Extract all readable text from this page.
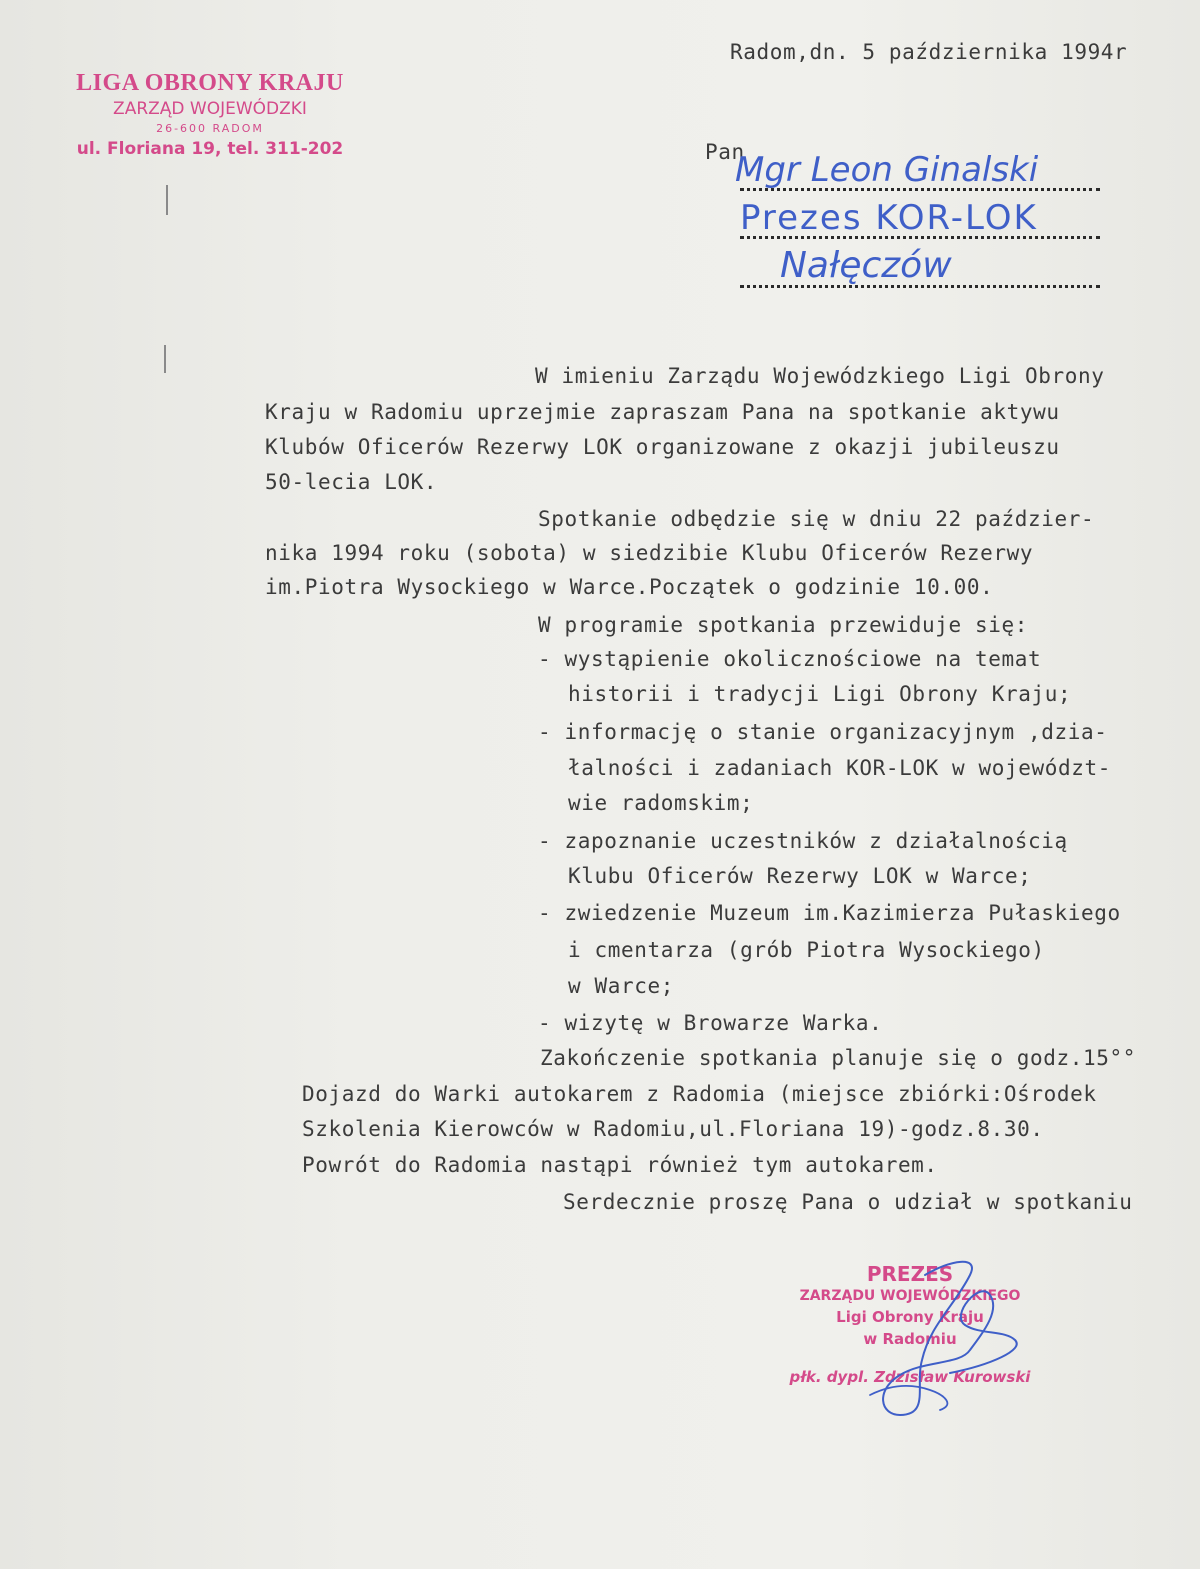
LIGA OBRONY KRAJU
ZARZĄD WOJEWÓDZKI
26-600 RADOM
ul. Floriana 19, tel. 311-202
Radom,dn. 5 października 1994r
Pan
Mgr Leon Ginalski
Prezes KOR-LOK
Nałęczów
W imieniu Zarządu Wojewódzkiego Ligi Obrony
Kraju w Radomiu uprzejmie zapraszam Pana na spotkanie aktywu
Klubów Oficerów Rezerwy LOK organizowane z okazji jubileuszu
50-lecia LOK.
Spotkanie odbędzie się w dniu 22 paździer-
nika 1994 roku (sobota) w siedzibie Klubu Oficerów Rezerwy
im.Piotra Wysockiego w Warce.Początek o godzinie 10.00.
W programie spotkania przewiduje się:
- wystąpienie okolicznościowe na temat
historii i tradycji Ligi Obrony Kraju;
- informację o stanie organizacyjnym ,dzia-
łalności i zadaniach KOR-LOK w województ-
wie radomskim;
- zapoznanie uczestników z działalnością
Klubu Oficerów Rezerwy LOK w Warce;
- zwiedzenie Muzeum im.Kazimierza Pułaskiego
i cmentarza (grób Piotra Wysockiego)
w Warce;
- wizytę w Browarze Warka.
Zakończenie spotkania planuje się o godz.15°°
Dojazd do Warki autokarem z Radomia (miejsce zbiórki:Ośrodek
Szkolenia Kierowców w Radomiu,ul.Floriana 19)-godz.8.30.
Powrót do Radomia nastąpi również tym autokarem.
Serdecznie proszę Pana o udział w spotkaniu
PREZES
ZARZĄDU WOJEWÓDZKIEGO
Ligi Obrony Kraju
w Radomiu
płk. dypl. Zdzisław Kurowski
